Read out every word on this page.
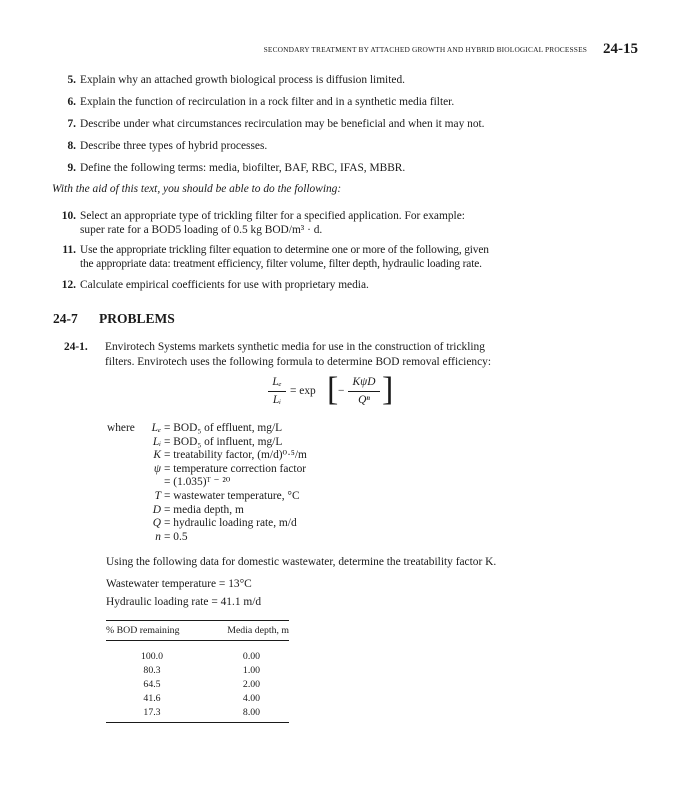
SECONDARY TREATMENT BY ATTACHED GROWTH AND HYBRID BIOLOGICAL PROCESSES 24-15
5. Explain why an attached growth biological process is diffusion limited.
6. Explain the function of recirculation in a rock filter and in a synthetic media filter.
7. Describe under what circumstances recirculation may be beneficial and when it may not.
8. Describe three types of hybrid processes.
9. Define the following terms: media, biofilter, BAF, RBC, IFAS, MBBR.
With the aid of this text, you should be able to do the following:
10. Select an appropriate type of trickling filter for a specified application. For example:
super rate for a BOD5 loading of 0.5 kg BOD/m³ · d.
11. Use the appropriate trickling filter equation to determine one or more of the following, given
the appropriate data: treatment efficiency, filter volume, filter depth, hydraulic loading rate.
12. Calculate empirical coefficients for use with proprietary media.
24-7 PROBLEMS
24-1. Envirotech Systems markets synthetic media for use in the construction of trickling
filters. Envirotech uses the following formula to determine BOD removal efficiency:
Lₑ
Lᵢ
= exp [ −
KψD
Qⁿ ]
where	Lₑ = BOD₅ of effluent, mg/L
Lᵢ = BOD₅ of influent, mg/L
K = treatability factor, (m/d)⁰·⁵/m
ψ = temperature correction factor
= (1.035)ᵀ ⁻ ²⁰
T = wastewater temperature, °C
D = media depth, m
Q = hydraulic loading rate, m/d
n = 0.5
Using the following data for domestic wastewater, determine the treatability factor K.
Wastewater temperature = 13°C
Hydraulic loading rate = 41.1 m/d
% BOD remaining	Media depth, m
100.0	0.00
80.3	1.00
64.5	2.00
41.6	4.00
17.3	8.00
